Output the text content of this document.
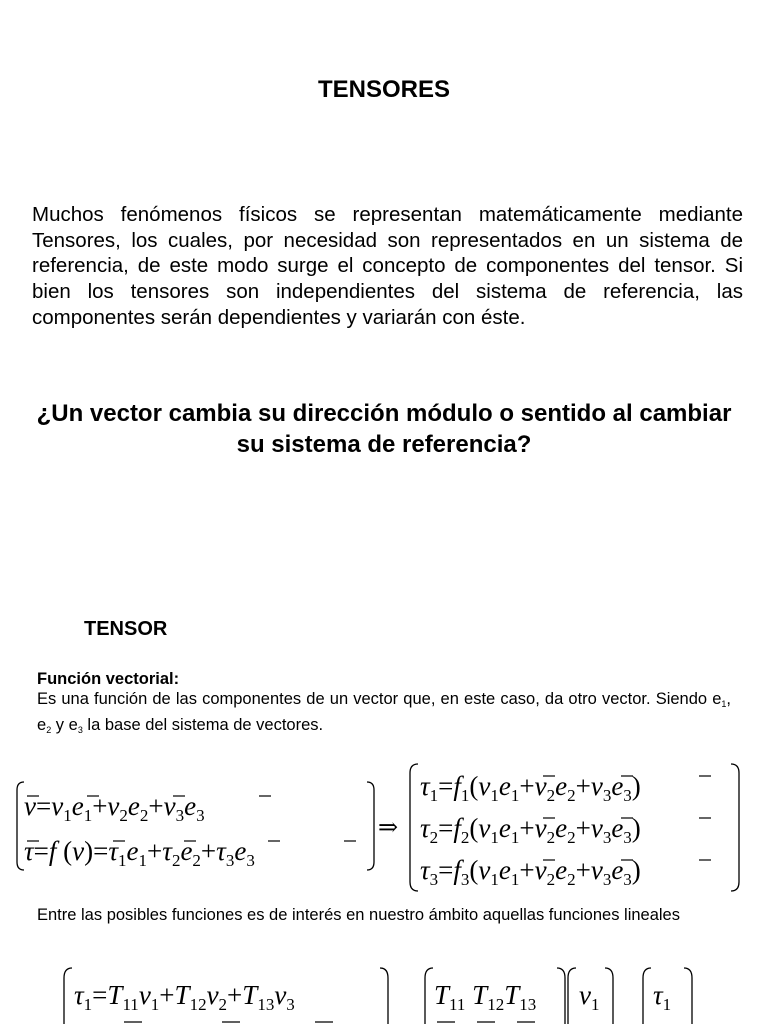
TENSORES
Muchos fenómenos físicos se representan matemáticamente mediante Tensores, los cuales, por necesidad son representados en un sistema de referencia, de este modo surge el concepto de componentes del tensor. Si bien los tensores son independientes del sistema de referencia, las componentes serán dependientes y variarán con éste.
¿Un vector cambia su dirección módulo o sentido al cambiar su sistema de referencia?
TENSOR
Función vectorial:
Es una función de las componentes de un vector que, en este caso, da otro vector. Siendo $e_1$, $e_2$ y $e_3$ la base del sistema de vectores.
$v=v_1e_1+v_2e_2+v_3e_3$
τ=f $(v)=\tau_1e_1+\tau_2e_2+\tau_3e_3$
⇒
$\tau_1=f_1(v_1e_1+v_2e_2+v_3e_3)$
$\tau_2=f_2(v_1e_1+v_2e_2+v_3e_3)$
$\tau_3=f_3(v_1e_1+v_2e_2+v_3e_3)$
Entre las posibles funciones es de interés en nuestro ámbito aquellas funciones lineales
$\tau_1=T_{11}v_1+T_{12}v_2+T_{13}v_3$	$T_{11}$ $T_{12}T_{13}$ $v_1$ $\tau_1$
